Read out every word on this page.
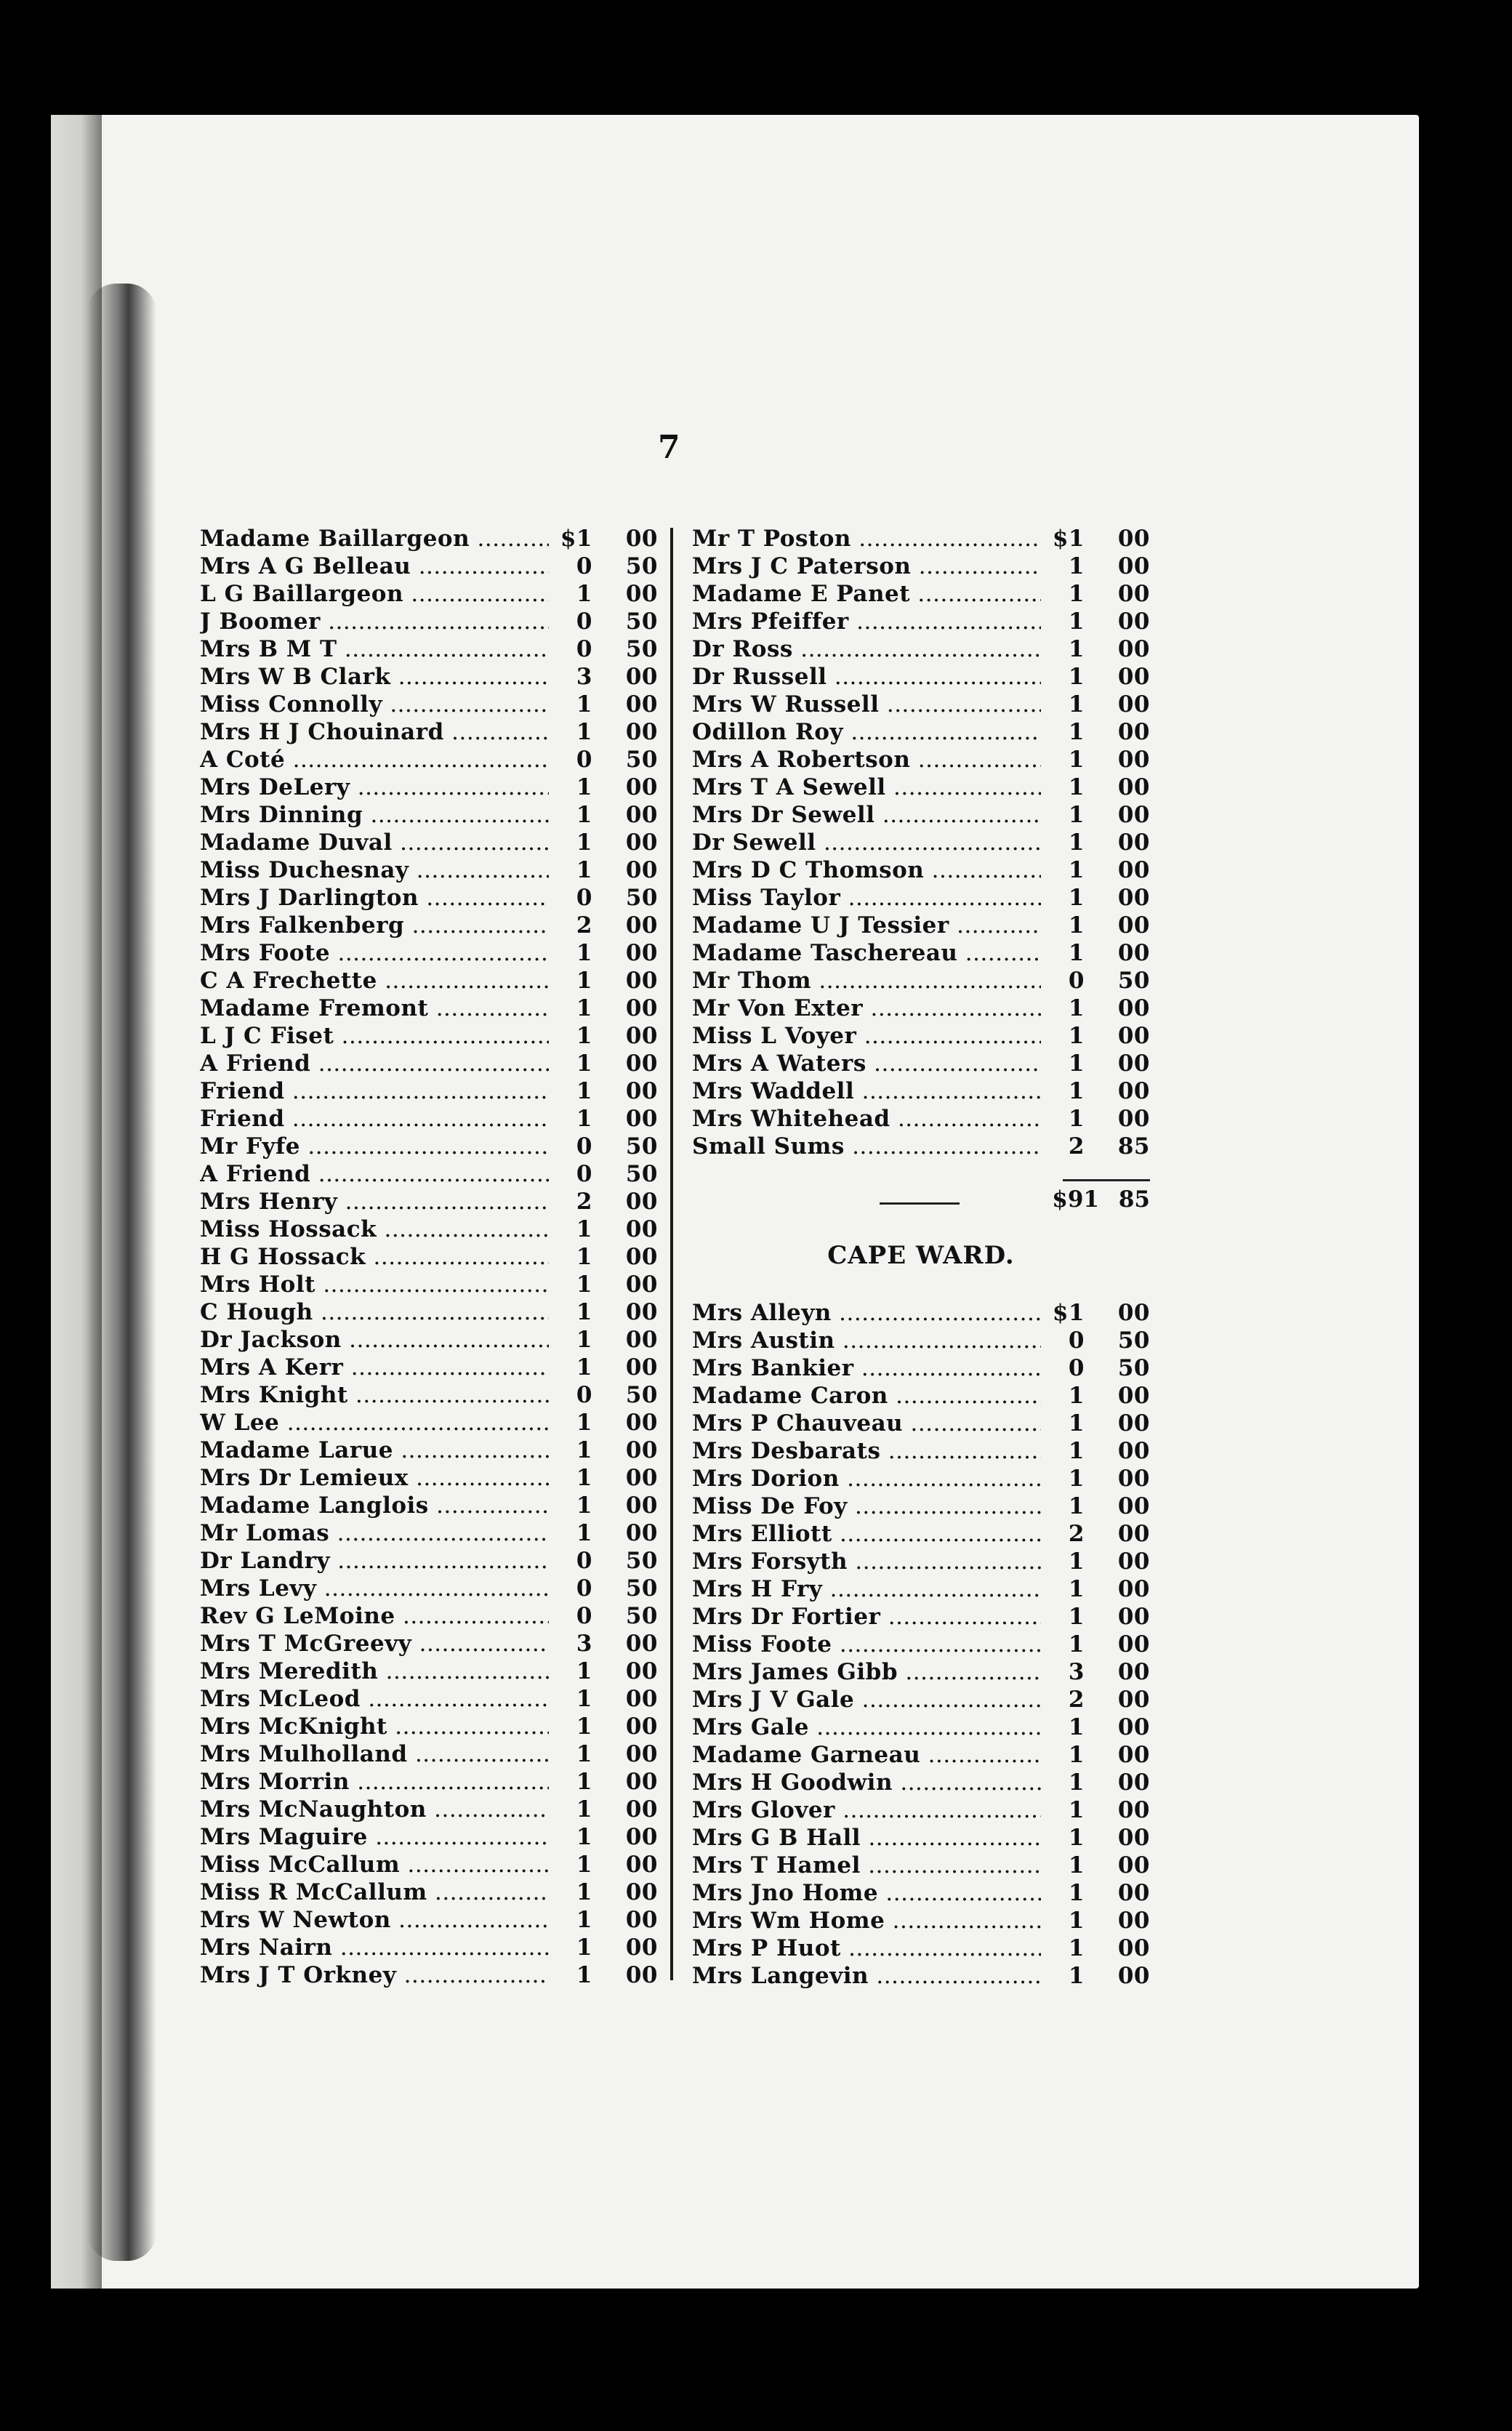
7
Madame Baillargeon .....	$1	00
Mrs A G Belleau .....	0	50
L G Baillargeon .....	1	00
J Boomer .....	0	50
Mrs B M T .....	0	50
Mrs W B Clark .....	3	00
Miss Connolly .....	1	00
Mrs H J Chouinard .....	1	00
A Coté .....	0	50
Mrs DeLery .....	1	00
Mrs Dinning .....	1	00
Madame Duval .....	1	00
Miss Duchesnay .....	1	00
Mrs J Darlington .....	0	50
Mrs Falkenberg .....	2	00
Mrs Foote .....	1	00
C A Frechette .....	1	00
Madame Fremont .....	1	00
L J C Fiset .....	1	00
A Friend .....	1	00
Friend .....	1	00
Friend .....	1	00
Mr Fyfe .....	0	50
A Friend .....	0	50
Mrs Henry .....	2	00
Miss Hossack .....	1	00
H G Hossack .....	1	00
Mrs Holt .....	1	00
C Hough .....	1	00
Dr Jackson .....	1	00
Mrs A Kerr .....	1	00
Mrs Knight .....	0	50
W Lee .....	1	00
Madame Larue .....	1	00
Mrs Dr Lemieux .....	1	00
Madame Langlois .....	1	00
Mr Lomas .....	1	00
Dr Landry .....	0	50
Mrs Levy .....	0	50
Rev G LeMoine .....	0	50
Mrs T McGreevy .....	3	00
Mrs Meredith .....	1	00
Mrs McLeod .....	1	00
Mrs McKnight .....	1	00
Mrs Mulholland .....	1	00
Mrs Morrin .....	1	00
Mrs McNaughton .....	1	00
Mrs Maguire .....	1	00
Miss McCallum .....	1	00
Miss R McCallum .....	1	00
Mrs W Newton .....	1	00
Mrs Nairn .....	1	00
Mrs J T Orkney .....	1	00
Mr T Poston .....	$1	00
Mrs J C Paterson .....	1	00
Madame E Panet .....	1	00
Mrs Pfeiffer .....	1	00
Dr Ross .....	1	00
Dr Russell .....	1	00
Mrs W Russell .....	1	00
Odillon Roy .....	1	00
Mrs A Robertson .....	1	00
Mrs T A Sewell .....	1	00
Mrs Dr Sewell .....	1	00
Dr Sewell .....	1	00
Mrs D C Thomson .....	1	00
Miss Taylor .....	1	00
Madame U J Tessier .....	1	00
Madame Taschereau .....	1	00
Mr Thom .....	0	50
Mr Von Exter .....	1	00
Miss L Voyer .....	1	00
Mrs A Waters .....	1	00
Mrs Waddell .....	1	00
Mrs Whitehead .....	1	00
Small Sums .....	2	85
$91 85
CAPE WARD.
Mrs Alleyn .....	$1	00
Mrs Austin .....	0	50
Mrs Bankier .....	0	50
Madame Caron .....	1	00
Mrs P Chauveau .....	1	00
Mrs Desbarats .....	1	00
Mrs Dorion .....	1	00
Miss De Foy .....	1	00
Mrs Elliott .....	2	00
Mrs Forsyth .....	1	00
Mrs H Fry .....	1	00
Mrs Dr Fortier .....	1	00
Miss Foote .....	1	00
Mrs James Gibb .....	3	00
Mrs J V Gale .....	2	00
Mrs Gale .....	1	00
Madame Garneau .....	1	00
Mrs H Goodwin .....	1	00
Mrs Glover .....	1	00
Mrs G B Hall .....	1	00
Mrs T Hamel .....	1	00
Mrs Jno Home .....	1	00
Mrs Wm Home .....	1	00
Mrs P Huot .....	1	00
Mrs Langevin .....	1	00
